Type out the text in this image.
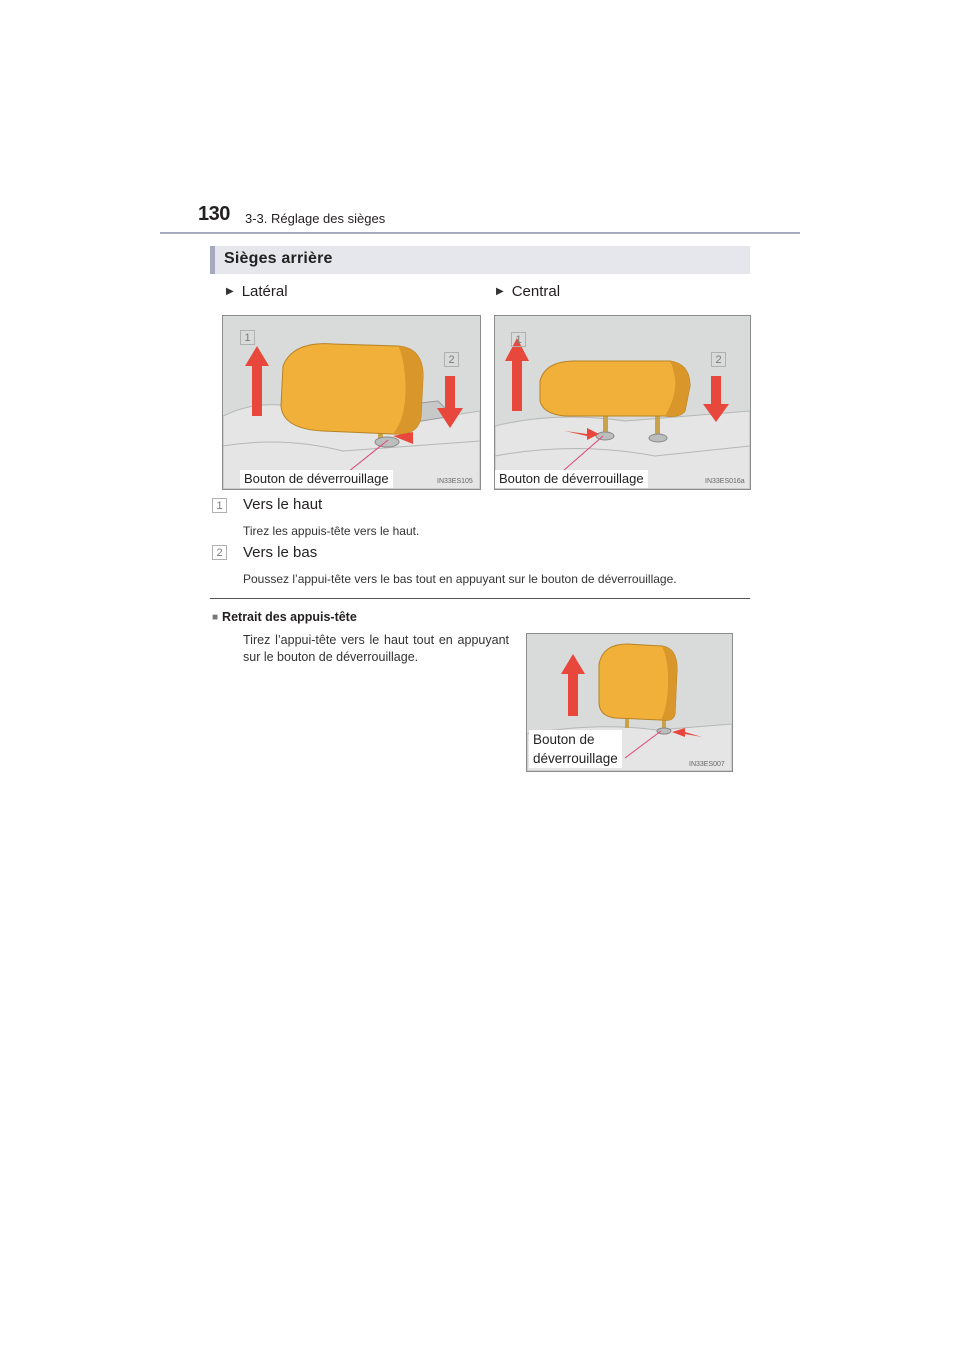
130 3-3. Réglage des sièges
Sièges arrière
▶ Latéral	▶ Central
1
2
Bouton de déverrouillage	IN33ES105
1
2
Bouton de déverrouillage	IN33ES016a
1 Vers le haut
Tirez les appuis-tête vers le haut.
2 Vers le bas
Poussez l’appui-tête vers le bas tout en appuyant sur le bouton de déverrouillage.
■ Retrait des appuis-tête
Tirez l’appui-tête vers le haut tout en appuyant sur le bouton de déverrouillage.
Bouton de
déverrouillage	IN33ES007
